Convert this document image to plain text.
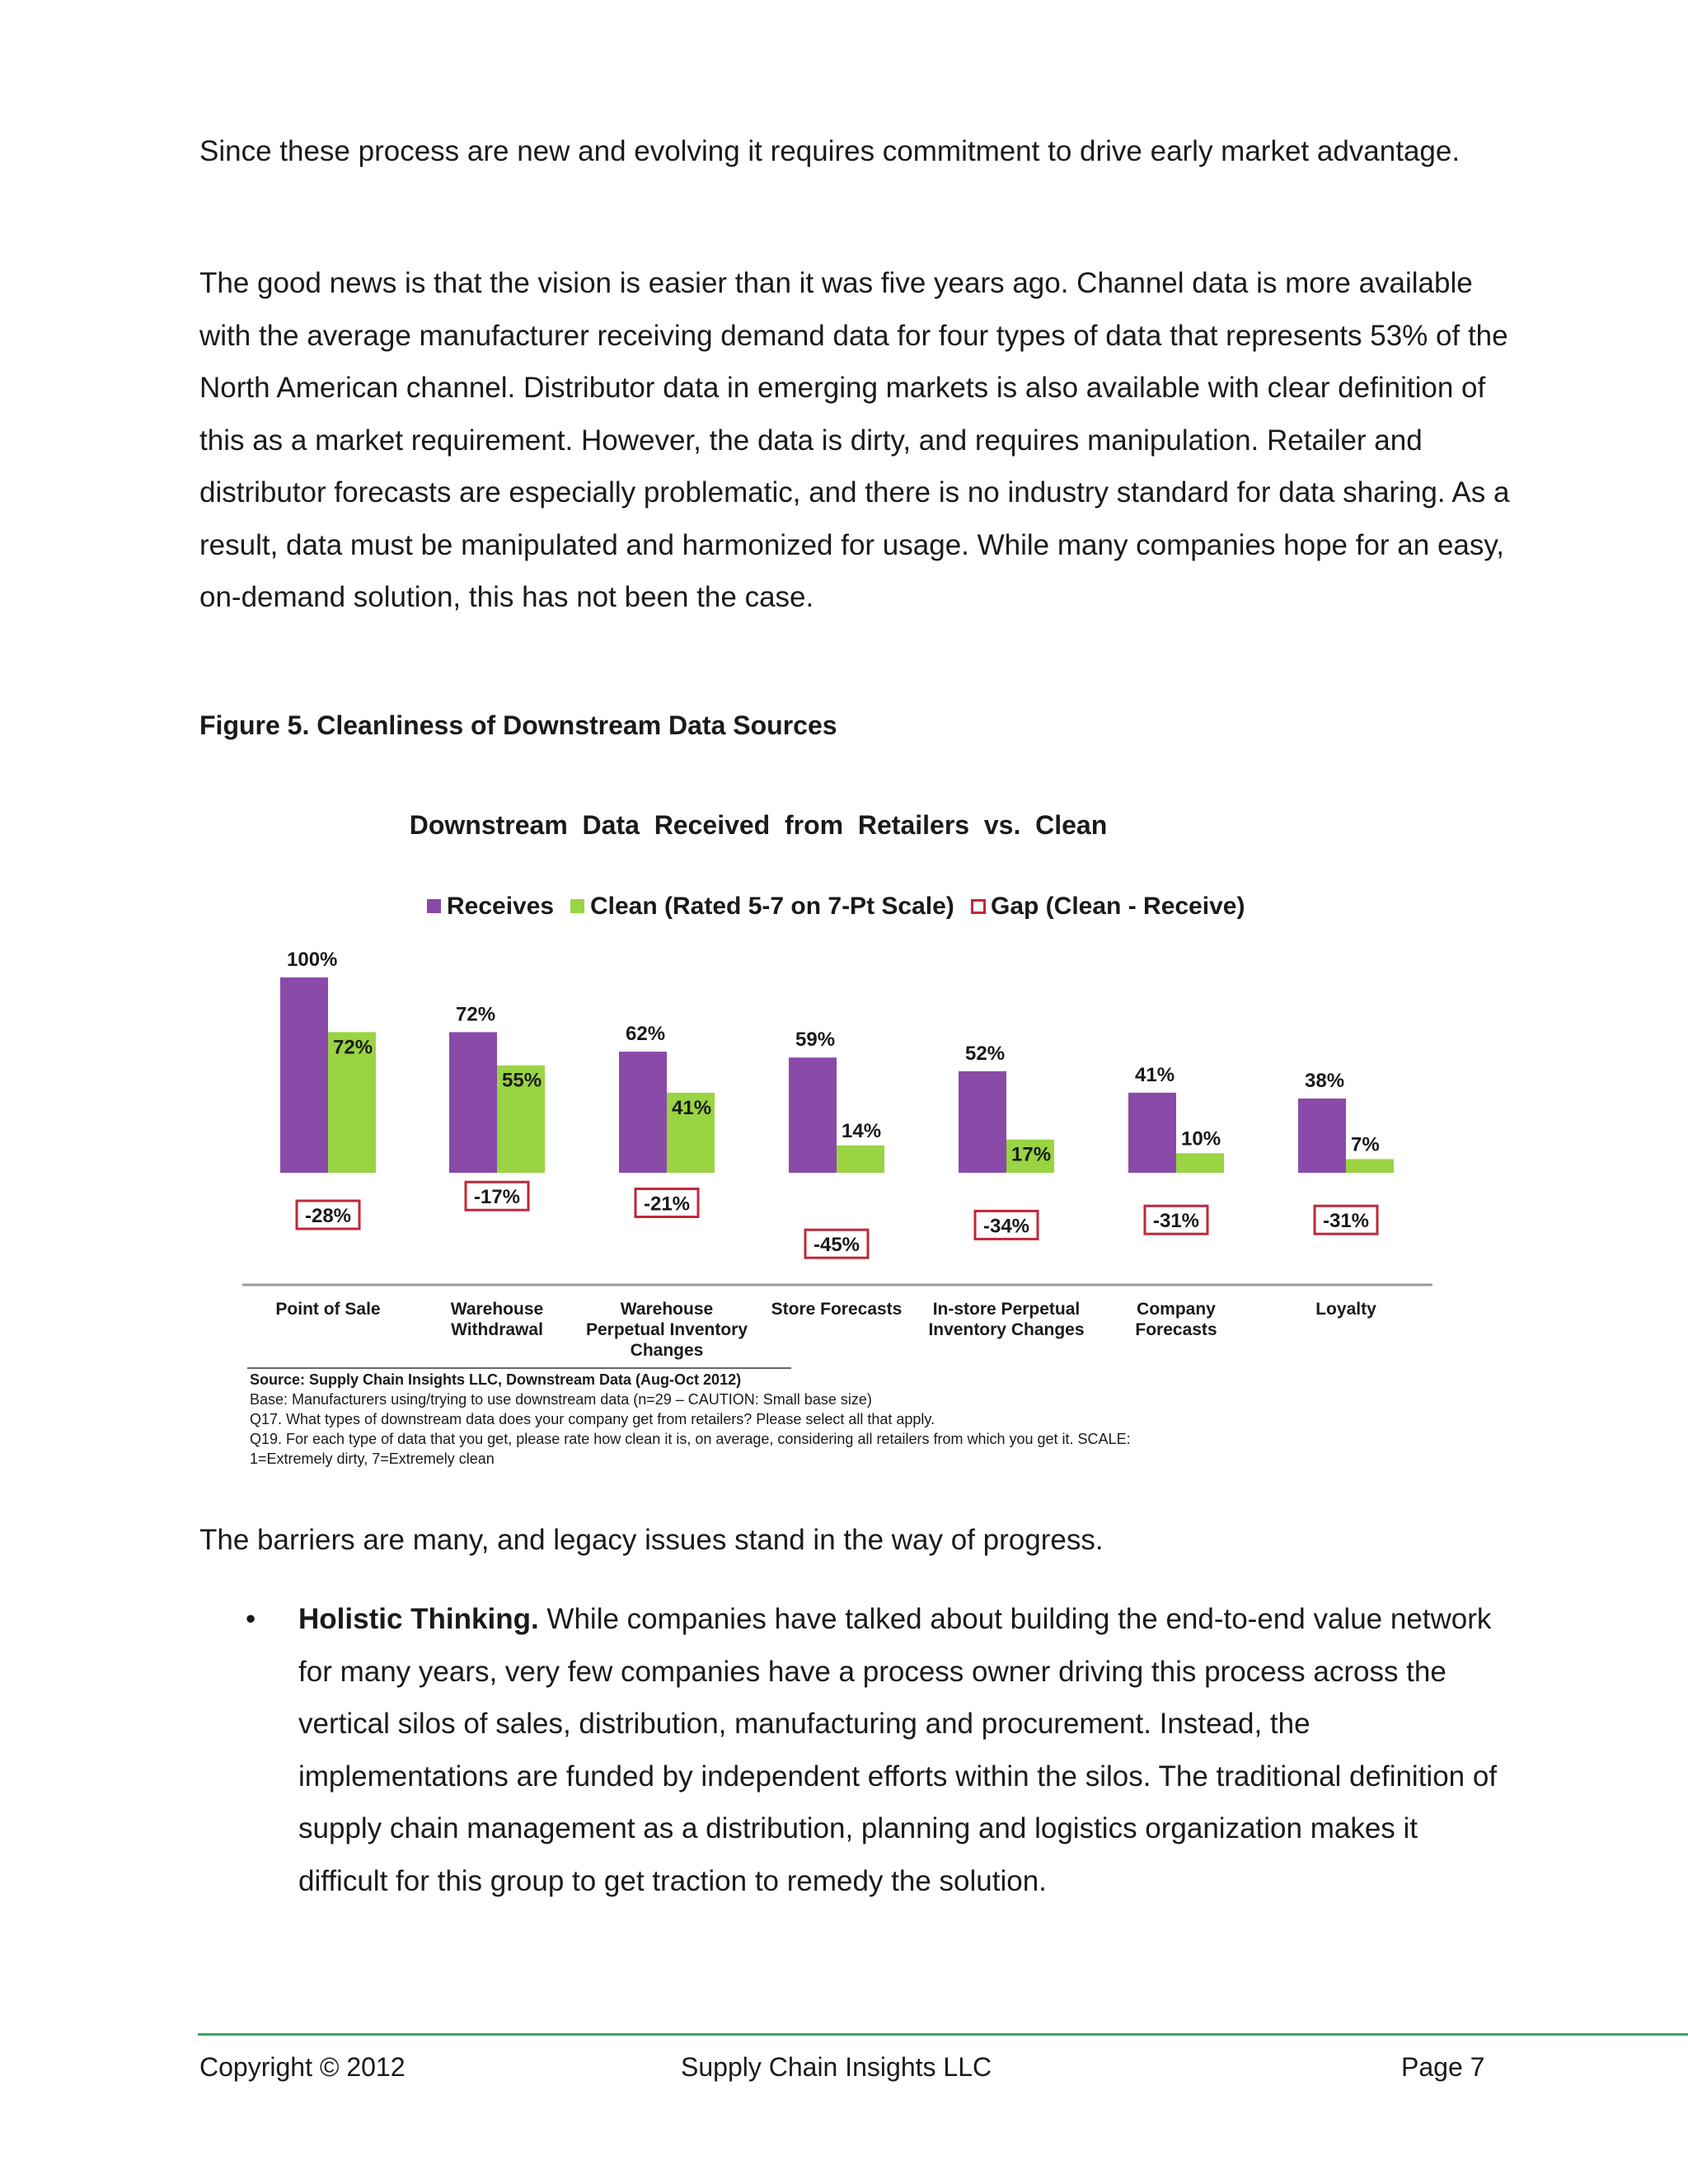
Since these process are new and evolving it requires commitment to drive early market advantage.
The good news is that the vision is easier than it was five years ago. Channel data is more available with the average manufacturer receiving demand data for four types of data that represents 53% of the North American channel. Distributor data in emerging markets is also available with clear definition of this as a market requirement. However, the data is dirty, and requires manipulation. Retailer and distributor forecasts are especially problematic, and there is no industry standard for data sharing. As a result, data must be manipulated and harmonized for usage. While many companies hope for an easy, on-demand solution, this has not been the case.
Figure 5. Cleanliness of Downstream Data Sources
Downstream  Data  Received  from  Retailers  vs.  Clean
Receives Clean (Rated 5-7 on 7-Pt Scale) Gap (Clean - Receive)
100%
72%
72%
55%
62%
41%
59%
14%
52%
17%
41%
10%
38%
7%
-28%
-17%	-21%
-45%
-34%	-31%	-31%
Point of Sale	Warehouse
Withdrawal
Warehouse
Perpetual Inventory
Changes
Store Forecasts In-store Perpetual
Inventory Changes
Company
Forecasts
Loyalty
Source: Supply Chain Insights LLC, Downstream Data (Aug-Oct 2012)
Base: Manufacturers using/trying to use downstream data (n=29 – CAUTION: Small base size)
Q17. What types of downstream data does your company get from retailers? Please select all that apply.
Q19. For each type of data that you get, please rate how clean it is, on average, considering all retailers from which you get it. SCALE:
1=Extremely dirty, 7=Extremely clean
The barriers are many, and legacy issues stand in the way of progress.
• Holistic Thinking. While companies have talked about building the end-to-end value network for many years, very few companies have a process owner driving this process across the vertical silos of sales, distribution, manufacturing and procurement. Instead, the implementations are funded by independent efforts within the silos. The traditional definition of supply chain management as a distribution, planning and logistics organization makes it difficult for this group to get traction to remedy the solution.
Copyright © 2012	Supply Chain Insights LLC	Page 7
